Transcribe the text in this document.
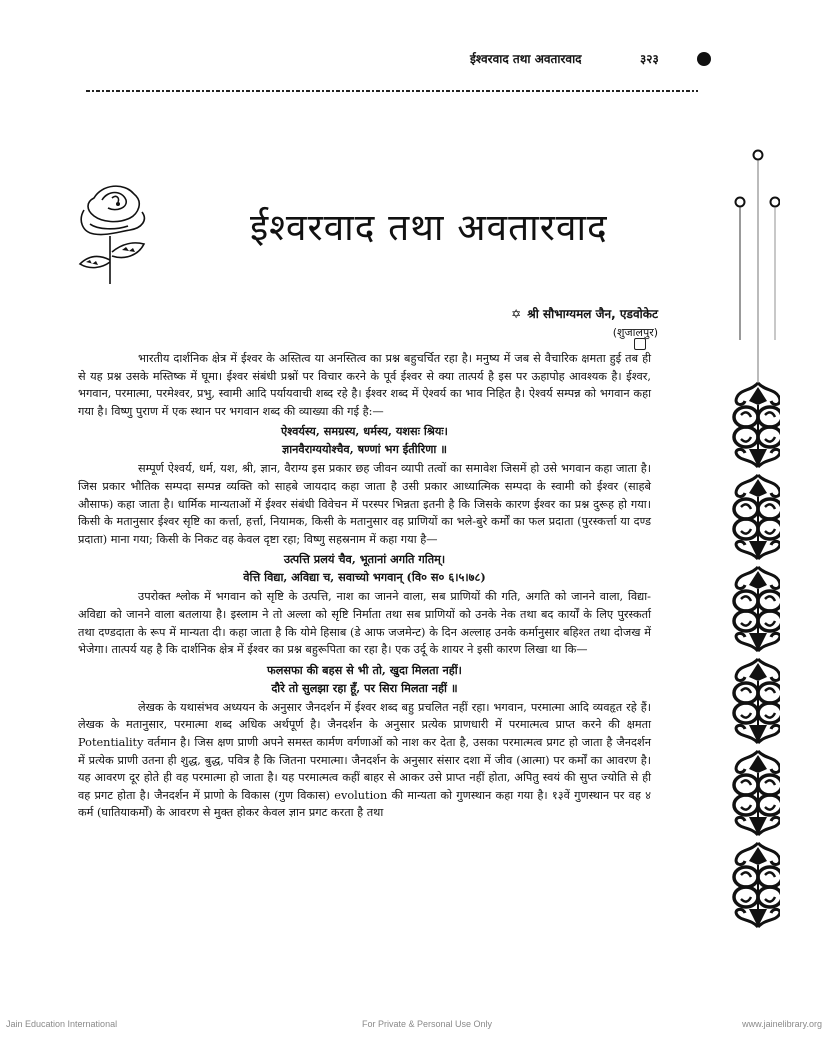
ईश्वरवाद तथा अवतारवाद	३२३
ईश्वरवाद तथा अवतारवाद
✡ श्री सौभाग्यमल जैन, एडवोकेट
(शुजालपुर)

भारतीय दार्शनिक क्षेत्र में ईश्वर के अस्तित्व या अनस्तित्व का प्रश्न बहुचर्चित रहा है। मनुष्य में जब से वैचारिक क्षमता हुई तब ही से यह प्रश्न उसके मस्तिष्क में घूमा। ईश्वर संबंधी प्रश्नों पर विचार करने के पूर्व ईश्वर से क्या तात्पर्य है इस पर ऊहापोह आवश्यक है। ईश्वर, भगवान, परमात्मा, परमेश्वर, प्रभु, स्वामी आदि पर्यायवाची शब्द रहे है। ईश्वर शब्द में ऐश्वर्य का भाव निहित है। ऐश्वर्य सम्पन्न को भगवान कहा गया है। विष्णु पुराण में एक स्थान पर भगवान शब्द की व्याख्या की गई है:—

ऐश्वर्यस्य, समग्रस्य, धर्मस्य, यशसः श्रियः।
ज्ञानवैराग्ययोश्चैव, षण्णां भग ईतीरिणा ॥

सम्पूर्ण ऐश्वर्य, धर्म, यश, श्री, ज्ञान, वैराग्य इस प्रकार छह जीवन व्यापी तत्वों का समावेश जिसमें हो उसे भगवान कहा जाता है। जिस प्रकार भौतिक सम्पदा सम्पन्न व्यक्ति को साहबे जायदाद कहा जाता है उसी प्रकार आध्यात्मिक सम्पदा के स्वामी को ईश्वर (साहबे औसाफ) कहा जाता है। धार्मिक मान्यताओं में ईश्वर संबंधी विवेचन में परस्पर भिन्नता इतनी है कि जिसके कारण ईश्वर का प्रश्न दुरूह हो गया। किसी के मतानुसार ईश्वर सृष्टि का कर्त्ता, हर्त्ता, नियामक, किसी के मतानुसार वह प्राणियों का भले-बुरे कर्मों का फल प्रदाता (पुरस्कर्त्ता या दण्ड प्रदाता) माना गया; किसी के निकट वह केवल दृष्टा रहा; विष्णु सहस्रनाम में कहा गया है—

उत्पत्ति प्रलयं चैव, भूतानां अगति गतिम्।
वेत्ति विद्या, अविद्या च, सवाच्यो भगवान् (वि० स० ६।५।७८)

उपरोक्त श्लोक में भगवान को सृष्टि के उत्पत्ति, नाश का जानने वाला, सब प्राणियों की गति, अगति को जानने वाला, विद्या-अविद्या को जानने वाला बतलाया है। इस्लाम ने तो अल्ला को सृष्टि निर्माता तथा सब प्राणियों को उनके नेक तथा बद कार्यों के लिए पुरस्कर्ता तथा दण्डदाता के रूप में मान्यता दी। कहा जाता है कि योमे हिसाब (डे आफ जजमेन्ट) के दिन अल्लाह उनके कर्मानुसार बहिश्त तथा दोजख में भेजेगा। तात्पर्य यह है कि दार्शनिक क्षेत्र में ईश्वर का प्रश्न बहुरूपिता का रहा है। एक उर्दू के शायर ने इसी कारण लिखा था कि—

फलसफा की बहस से भी तो, खुदा मिलता नहीं।
दौरे तो सुलझा रहा हूँ, पर सिरा मिलता नहीं ॥

लेखक के यथासंभव अध्ययन के अनुसार जैनदर्शन में ईश्वर शब्द बहु प्रचलित नहीं रहा। भगवान, परमात्मा आदि व्यवहृत रहे हैं। लेखक के मतानुसार, परमात्मा शब्द अधिक अर्थपूर्ण है। जैनदर्शन के अनुसार प्रत्येक प्राणधारी में परमात्मत्व प्राप्त करने की क्षमता Potentiality वर्तमान है। जिस क्षण प्राणी अपने समस्त कार्मण वर्गणाओं को नाश कर देता है, उसका परमात्मत्व प्रगट हो जाता है जैनदर्शन में प्रत्येक प्राणी उतना ही शुद्ध, बुद्ध, पवित्र है कि जितना परमात्मा। जैनदर्शन के अनुसार संसार दशा में जीव (आत्मा) पर कर्मों का आवरण है। यह आवरण दूर होते ही वह परमात्मा हो जाता है। यह परमात्मत्व कहीं बाहर से आकर उसे प्राप्त नहीं होता, अपितु स्वयं की सुप्त ज्योति से ही वह प्रगट होता है। जैनदर्शन में प्राणो के विकास (गुण विकास) evolution की मान्यता को गुणस्थान कहा गया है। १३वें गुणस्थान पर वह ४ कर्म (घातियाकर्मों) के आवरण से मुक्त होकर केवल ज्ञान प्रगट करता है तथा

Jain Education International	For Private & Personal Use Only	www.jainelibrary.org
